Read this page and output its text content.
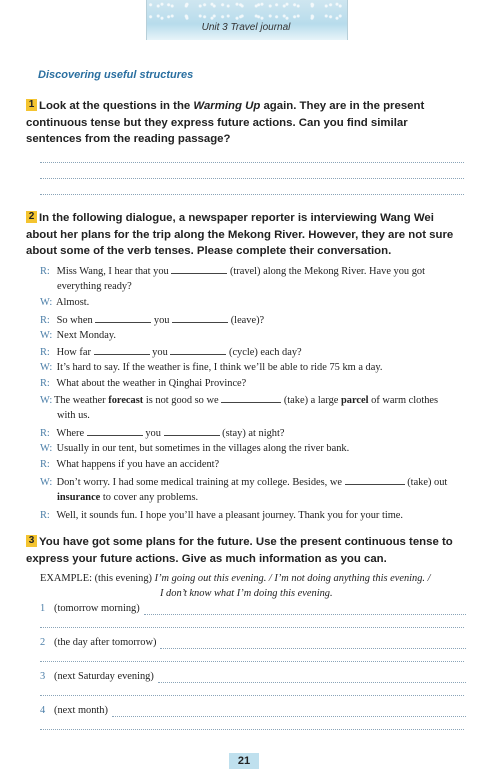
Unit 3 Travel journal
Discovering useful structures
1 Look at the questions in the Warming Up again. They are in the present continuous tense but they express future actions. Can you find similar sentences from the reading passage?
2 In the following dialogue, a newspaper reporter is interviewing Wang Wei about her plans for the trip along the Mekong River. However, they are not sure about some of the verb tenses. Please complete their conversation.
R: Miss Wang, I hear that you	(travel) along the Mekong River. Have you got
everything ready?
W: Almost.
R: So when	you	(leave)?
W: Next Monday.
R: How far	you	(cycle) each day?
W: It’s hard to say. If the weather is fine, I think we’ll be able to ride 75 km a day.
R: What about the weather in Qinghai Province?
W: The weather forecast is not good so we	(take) a large parcel of warm clothes
with us.
R: Where	you	(stay) at night?
W: Usually in our tent, but sometimes in the villages along the river bank.
R: What happens if you have an accident?
W: Don’t worry. I had some medical training at my college. Besides, we	(take) out
insurance to cover any problems.
R: Well, it sounds fun. I hope you’ll have a pleasant journey. Thank you for your time.
3 You have got some plans for the future. Use the present continuous tense to express your future actions. Give as much information as you can.
EXAMPLE: (this evening) I’m going out this evening. / I’m not doing anything this evening. /
I don’t know what I’m doing this evening.
1 (tomorrow morning)
2 (the day after tomorrow)
3 (next Saturday evening)
4 (next month)
21
